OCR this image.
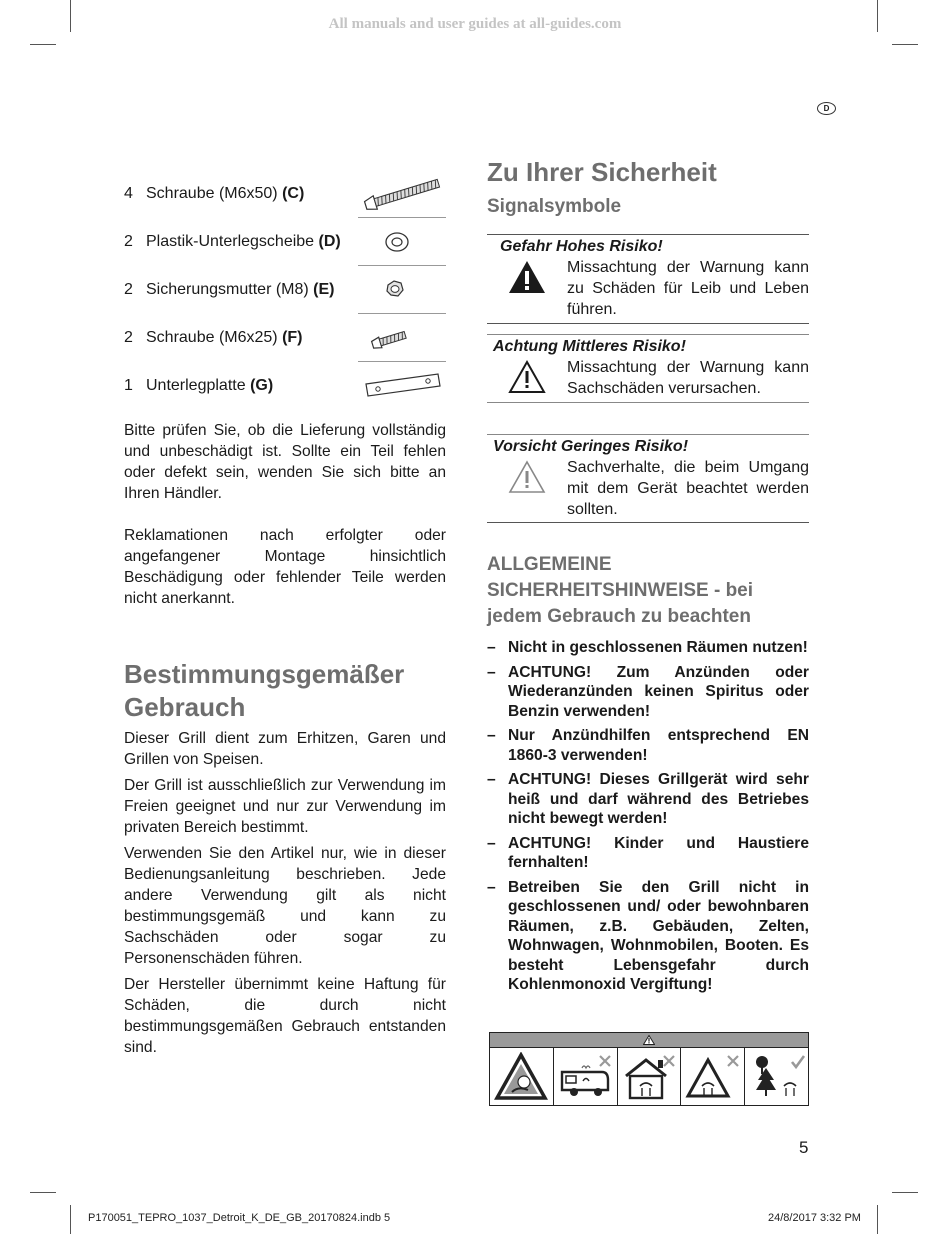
All manuals and user guides at all-guides.com
D
4 Schraube (M6x50) (C)
2 Plastik-Unterlegscheibe (D)
2 Sicherungsmutter (M8) (E)
2 Schraube (M6x25) (F)
1 Unterlegplatte (G)
Bitte prüfen Sie, ob die Lieferung vollständig und unbeschädigt ist. Sollte ein Teil fehlen oder defekt sein, wenden Sie sich bitte an Ihren Händler.
Reklamationen nach erfolgter oder angefangener Montage hinsichtlich Beschädigung oder fehlender Teile werden nicht anerkannt.
Bestimmungsgemäßer Gebrauch

Dieser Grill dient zum Erhitzen, Garen und Grillen von Speisen.

Der Grill ist ausschließlich zur Verwendung im Freien geeignet und nur zur Verwendung im privaten Bereich bestimmt.

Verwenden Sie den Artikel nur, wie in dieser Bedienungsanleitung beschrieben. Jede andere Verwendung gilt als nicht bestimmungsgemäß und kann zu Sachschäden oder sogar zu Personenschäden führen.

Der Hersteller übernimmt keine Haftung für Schäden, die durch nicht bestimmungsgemäßen Gebrauch entstanden sind.

Zu Ihrer Sicherheit
Signalsymbole
Gefahr Hohes Risiko!
Missachtung der Warnung kann zu Schäden für Leib und Leben führen.
Achtung Mittleres Risiko!
Missachtung der Warnung kann Sachschäden verursachen.
Vorsicht Geringes Risiko!
Sachverhalte, die beim Umgang mit dem Gerät beachtet werden sollten.
ALLGEMEINE SICHERHEITSHINWEISE - bei jedem Gebrauch zu beachten
– Nicht in geschlossenen Räumen nutzen!
– ACHTUNG! Zum Anzünden oder Wiederanzünden keinen Spiritus oder Benzin verwenden!
– Nur Anzündhilfen entsprechend EN 1860-3 verwenden!
– ACHTUNG! Dieses Grillgerät wird sehr heiß und darf während des Betriebes nicht bewegt werden!
– ACHTUNG! Kinder und Haustiere fernhalten!
– Betreiben Sie den Grill nicht in geschlossenen und/ oder bewohnbaren Räumen, z.B. Gebäuden, Zelten, Wohnwagen, Wohnmobilen, Booten. Es besteht Lebensgefahr durch Kohlenmonoxid Vergiftung!
5
P170051_TEPRO_1037_Detroit_K_DE_GB_20170824.indb 5	24/8/2017 3:32 PM
